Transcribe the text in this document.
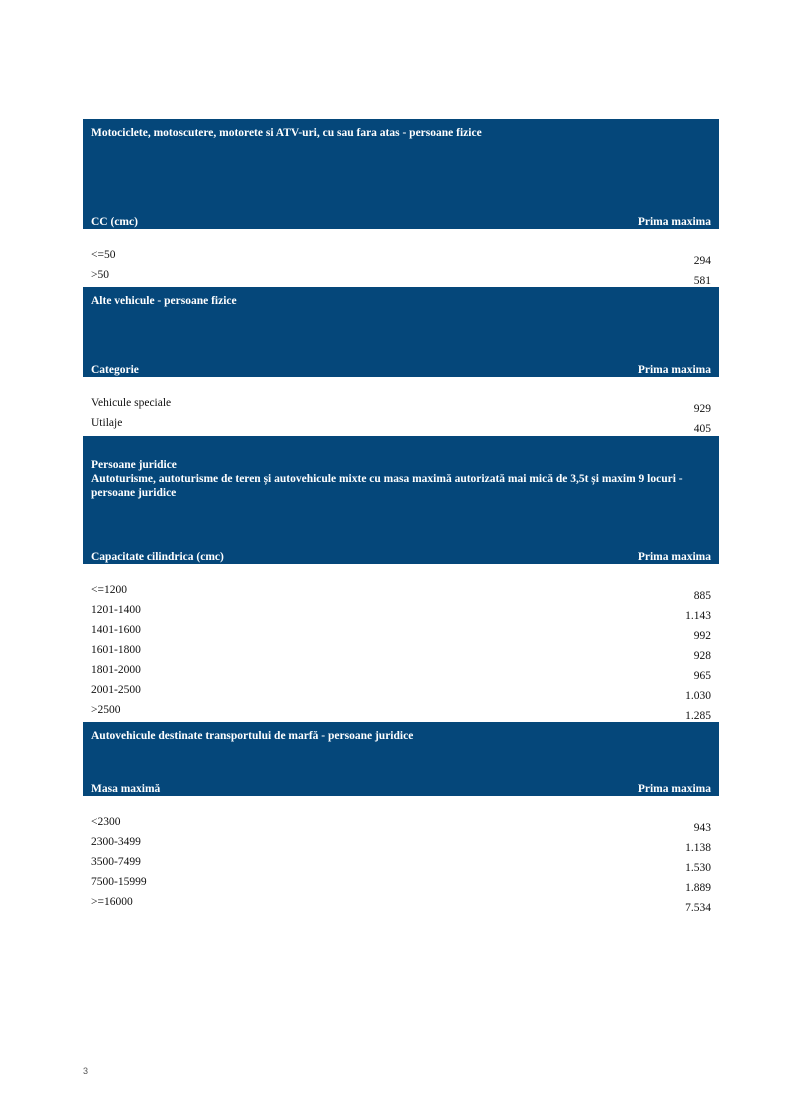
Motociclete, motoscutere, motorete si ATV-uri, cu sau fara atas - persoane fizice
CC (cmc)	Prima maxima
<=50	294
>50	581
Alte vehicule - persoane fizice
Categorie	Prima maxima
Vehicule speciale	929
Utilaje	405
Persoane juridice
Autoturisme, autoturisme de teren și autovehicule mixte cu masa maximă autorizată mai mică de 3,5t și maxim 9 locuri -
persoane juridice
Capacitate cilindrica (cmc)	Prima maxima
<=1200	885
1201-1400	1.143
1401-1600	992
1601-1800	928
1801-2000	965
2001-2500	1.030
>2500	1.285
Autovehicule destinate transportului de marfă - persoane juridice
Masa maximă	Prima maxima
<2300	943
2300-3499	1.138
3500-7499	1.530
7500-15999	1.889
>=16000	7.534
3
